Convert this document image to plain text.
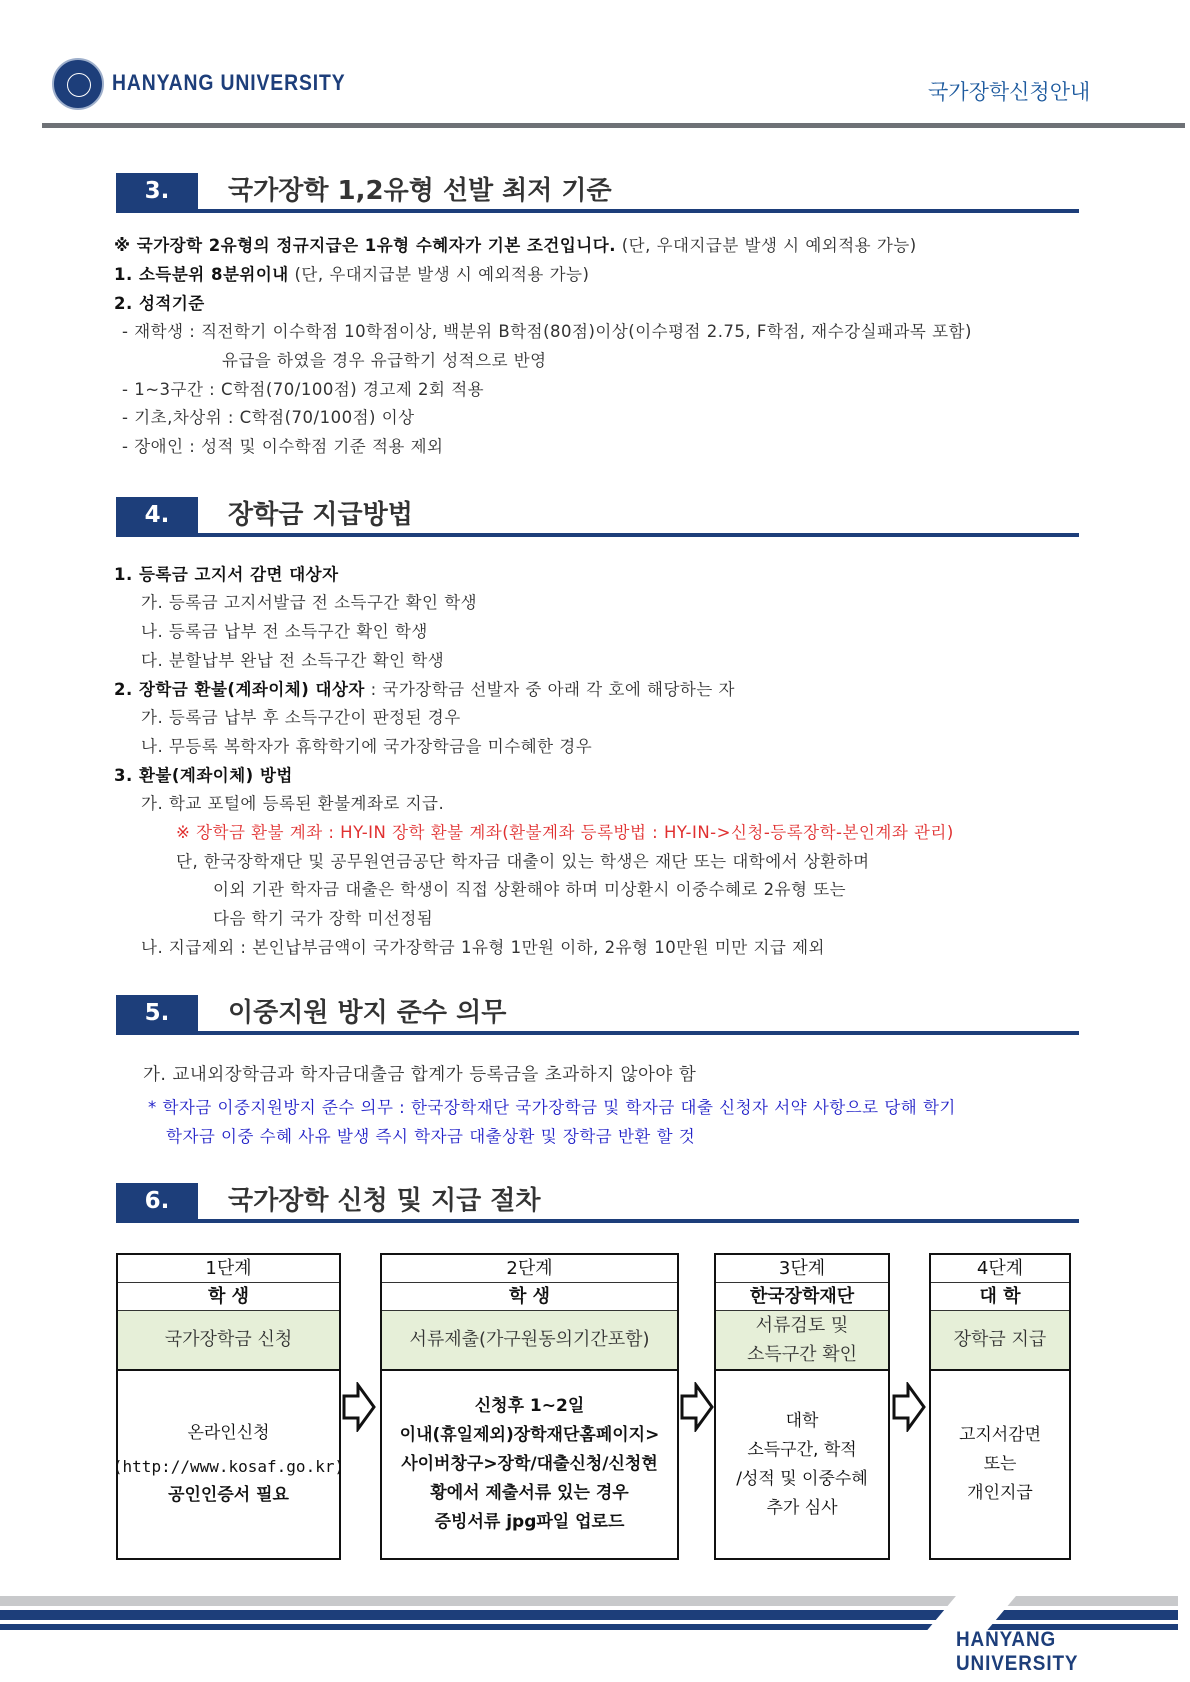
HANYANG UNIVERSITY	국가장학신청안내
3.	국가장학 1,2유형 선발 최저 기준
※ 국가장학 2유형의 정규지급은 1유형 수혜자가 기본 조건입니다. (단, 우대지급분 발생 시 예외적용 가능)
1. 소득분위 8분위이내 (단, 우대지급분 발생 시 예외적용 가능)
2. 성적기준
- 재학생 : 직전학기 이수학점 10학점이상, 백분위 B학점(80점)이상(이수평점 2.75, F학점, 재수강실패과목 포함)
유급을 하였을 경우 유급학기 성적으로 반영
- 1~3구간 : C학점(70/100점) 경고제 2회 적용
- 기초,차상위 : C학점(70/100점) 이상
- 장애인 : 성적 및 이수학점 기준 적용 제외
4.	장학금 지급방법
1. 등록금 고지서 감면 대상자
가. 등록금 고지서발급 전 소득구간 확인 학생
나. 등록금 납부 전 소득구간 확인 학생
다. 분할납부 완납 전 소득구간 확인 학생
2. 장학금 환불(계좌이체) 대상자 : 국가장학금 선발자 중 아래 각 호에 해당하는 자
가. 등록금 납부 후 소득구간이 판정된 경우
나. 무등록 복학자가 휴학학기에 국가장학금을 미수혜한 경우
3. 환불(계좌이체) 방법
가. 학교 포털에 등록된 환불계좌로 지급.
※ 장학금 환불 계좌 : HY-IN 장학 환불 계좌(환불계좌 등록방법 : HY-IN->신청-등록장학-본인계좌 관리)
단, 한국장학재단 및 공무원연금공단 학자금 대출이 있는 학생은 재단 또는 대학에서 상환하며
이외 기관 학자금 대출은 학생이 직접 상환해야 하며 미상환시 이중수혜로 2유형 또는
다음 학기 국가 장학 미선정됨
나. 지급제외 : 본인납부금액이 국가장학금 1유형 1만원 이하, 2유형 10만원 미만 지급 제외
5.	이중지원 방지 준수 의무
가. 교내외장학금과 학자금대출금 합계가 등록금을 초과하지 않아야 함
* 학자금 이중지원방지 준수 의무 : 한국장학재단 국가장학금 및 학자금 대출 신청자 서약 사항으로 당해 학기
학자금 이중 수혜 사유 발생 즉시 학자금 대출상환 및 장학금 반환 할 것
6.	국가장학 신청 및 지급 절차
1단계
학 생
국가장학금 신청
온라인신청
(http://www.kosaf.go.kr)
공인인증서 필요
2단계
학 생
서류제출(가구원동의기간포함)
신청후 1~2일
이내(휴일제외)장학재단홈페이지>
사이버창구>장학/대출신청/신청현
황에서 제출서류 있는 경우
증빙서류 jpg파일 업로드
3단계
한국장학재단
서류검토 및
소득구간 확인
대학
소득구간, 학적
/성적 및 이중수혜
추가 심사
4단계
대 학
장학금 지급
고지서감면
또는
개인지급
HANYANG UNIVERSITY
